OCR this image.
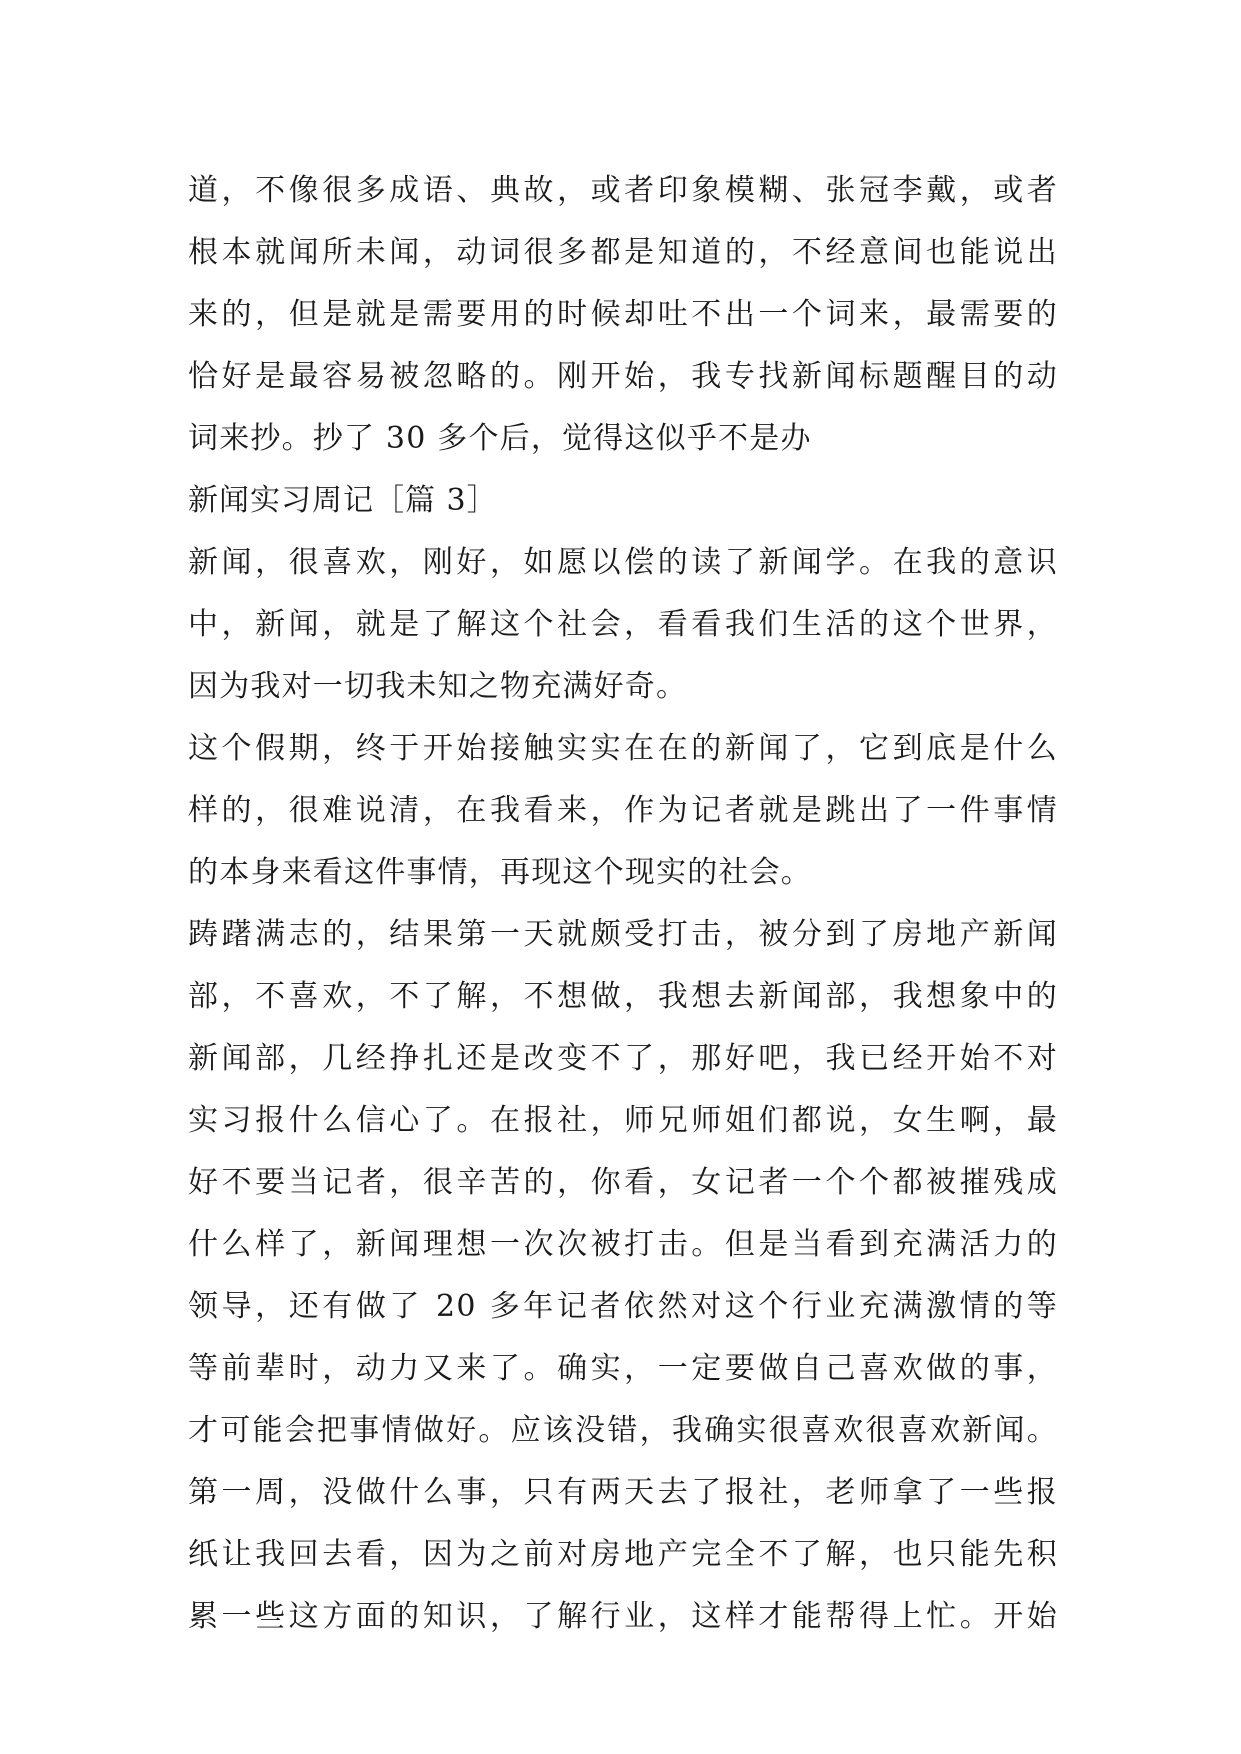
道，不像很多成语、典故，或者印象模糊、张冠李戴，或者
根本就闻所未闻，动词很多都是知道的，不经意间也能说出
来的，但是就是需要用的时候却吐不出一个词来，最需要的
恰好是最容易被忽略的。刚开始，我专找新闻标题醒目的动
词来抄。抄了 30 多个后，觉得这似乎不是办
新闻实习周记［篇 3］
新闻，很喜欢，刚好，如愿以偿的读了新闻学。在我的意识
中，新闻，就是了解这个社会，看看我们生活的这个世界，
因为我对一切我未知之物充满好奇。
这个假期，终于开始接触实实在在的新闻了，它到底是什么
样的，很难说清，在我看来，作为记者就是跳出了一件事情
的本身来看这件事情，再现这个现实的社会。
踌躇满志的，结果第一天就颇受打击，被分到了房地产新闻
部，不喜欢，不了解，不想做，我想去新闻部，我想象中的
新闻部，几经挣扎还是改变不了，那好吧，我已经开始不对
实习报什么信心了。在报社，师兄师姐们都说，女生啊，最
好不要当记者，很辛苦的，你看，女记者一个个都被摧残成
什么样了，新闻理想一次次被打击。但是当看到充满活力的
领导，还有做了 20 多年记者依然对这个行业充满激情的等
等前辈时，动力又来了。确实，一定要做自己喜欢做的事，
才可能会把事情做好。应该没错，我确实很喜欢很喜欢新闻。
第一周，没做什么事，只有两天去了报社，老师拿了一些报
纸让我回去看，因为之前对房地产完全不了解，也只能先积
累一些这方面的知识，了解行业，这样才能帮得上忙。开始
